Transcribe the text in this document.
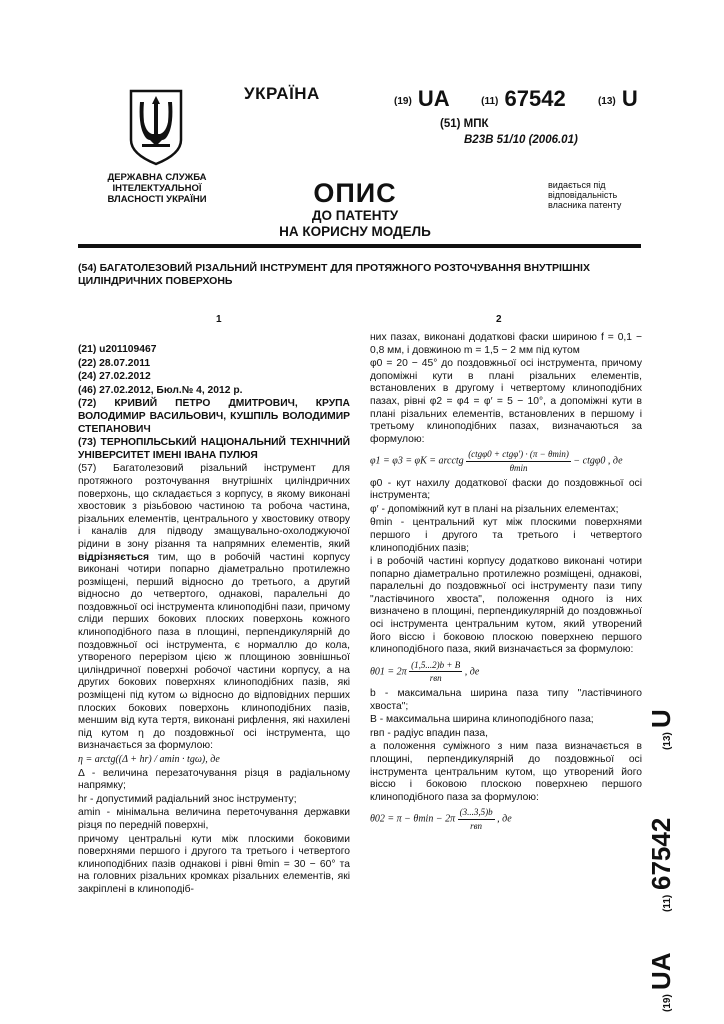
ДЕРЖАВНА СЛУЖБА ІНТЕЛЕКТУАЛЬНОЇ ВЛАСНОСТІ УКРАЇНИ
УКРАЇНА	(19) UA	(11) 67542	(13) U
(51) МПК
B23B 51/10 (2006.01)
ОПИС
ДО ПАТЕНТУ
НА КОРИСНУ МОДЕЛЬ
видається під відповідальність власника патенту
(54) БАГАТОЛЕЗОВИЙ РІЗАЛЬНИЙ ІНСТРУМЕНТ ДЛЯ ПРОТЯЖНОГО РОЗТОЧУВАННЯ ВНУТРІШНІХ ЦИЛІНДРИЧНИХ ПОВЕРХОНЬ
1	2

(21) u201109467

(22) 28.07.2011

(24) 27.02.2012

(46) 27.02.2012, Бюл.№ 4, 2012 р.

(72) КРИВИЙ ПЕТРО ДМИТРОВИЧ, КРУПА ВОЛОДИМИР ВАСИЛЬОВИЧ, КУШПІЛЬ ВОЛОДИМИР СТЕПАНОВИЧ

(73) ТЕРНОПІЛЬСЬКИЙ НАЦІОНАЛЬНИЙ ТЕХНІЧНИЙ УНІВЕРСИТЕТ ІМЕНІ ІВАНА ПУЛЮЯ

(57) Багатолезовий різальний інструмент для протяжного розточування внутрішніх циліндричних поверхонь, що складається з корпусу, в якому виконані хвостовик з різьбовою частиною та робоча частина, різальних елементів, центрального у хвостовику отвору і каналів для підводу змащувально-охолоджуючої рідини в зону різання та напрямних елементів, який відрізняється тим, що в робочій частині корпусу виконані чотири попарно діаметрально протилежно розміщені, перший відносно до третього, а другий відносно до четвертого, однакові, паралельні до поздовжньої осі інструмента клиноподібні пази, причому сліди перших бокових плоских поверхонь кожного клиноподібного паза в площині, перпендикулярній до поздовжньої осі інструмента, є нормаллю до кола, утвореного перерізом цією ж площиною зовнішньої циліндричної поверхні робочої частини корпусу, а на других бокових поверхнях клиноподібних пазів, які розміщені під кутом ω відносно до відповідних перших плоских бокових поверхонь клиноподібних пазів, меншим від кута тертя, виконані рифлення, які нахилені під кутом η до поздовжньої осі інструмента, що визначається за формулою:

η = arctg((Δ + hr) / amin · tgω), де

Δ - величина перезаточування різця в радіальному напрямку;

hr - допустимий радіальний знос інструменту;

amin - мінімальна величина переточування державки різця по передній поверхні,

причому центральні кути між плоскими боковими поверхнями першого і другого та третього і четвертого клиноподібних пазів однакові і рівні θmin = 30 − 60° та на головних різальних кромках різальних елементів, які закріплені в клиноподіб-

них пазах, виконані додаткові фаски шириною f = 0,1 − 0,8 мм, і довжиною m = 1,5 − 2 мм під кутом

φ0 = 20 − 45° до поздовжньої осі інструмента, причому допоміжні кути в плані різальних елементів, встановлених в другому і четвертому клиноподібних пазах, рівні φ2 = φ4 = φ′ = 5 − 10°, а допоміжні кути в плані різальних елементів, встановлених в першому і третьому клиноподібних пазах, визначаються за формулою:

φ1 = φ3 = φK = arcctg $\frac{\text{(ctgφ0 + ctgφ′) · (π − θmin)}}{\theta\min} - ctg\varphi 0$ , де

φ0 - кут нахилу додаткової фаски до поздовжньої осі інструмента;

φ′ - допоміжний кут в плані на різальних елементах;

θmin - центральний кут між плоскими поверхнями першого і другого та третього і четвертого клиноподібних пазів;

і в робочій частині корпусу додатково виконані чотири попарно діаметрально протилежно розміщені, однакові, паралельні до поздовжньої осі інструменту пази типу "ластівчиного хвоста", положення одного із них визначено в площині, перпендикулярній до поздовжньої осі інструмента центральним кутом, який утворений його віссю і боковою плоскою поверхнею першого клиноподібного паза, який визначається за формулою:

$\theta 01 = 2\pi \frac{(1,5...2)b + B}{\text{rвп}}$ , де

b - максимальна ширина паза типу "ластівчиного хвоста";

B - максимальна ширина клиноподібного паза;

rвп - радіус впадин паза,

а положення суміжного з ним паза визначається в площині, перпендикулярній до поздовжньої осі інструмента центральним кутом, що утворений його віссю і боковою плоскою поверхнею першого клиноподібного паза за формулою:

$\theta 02 = \pi - \theta\min - 2\pi \frac{(3...3,5)b}{\text{rвп}}$ , де
(19)
UA
(11)
67542
(13)
U
